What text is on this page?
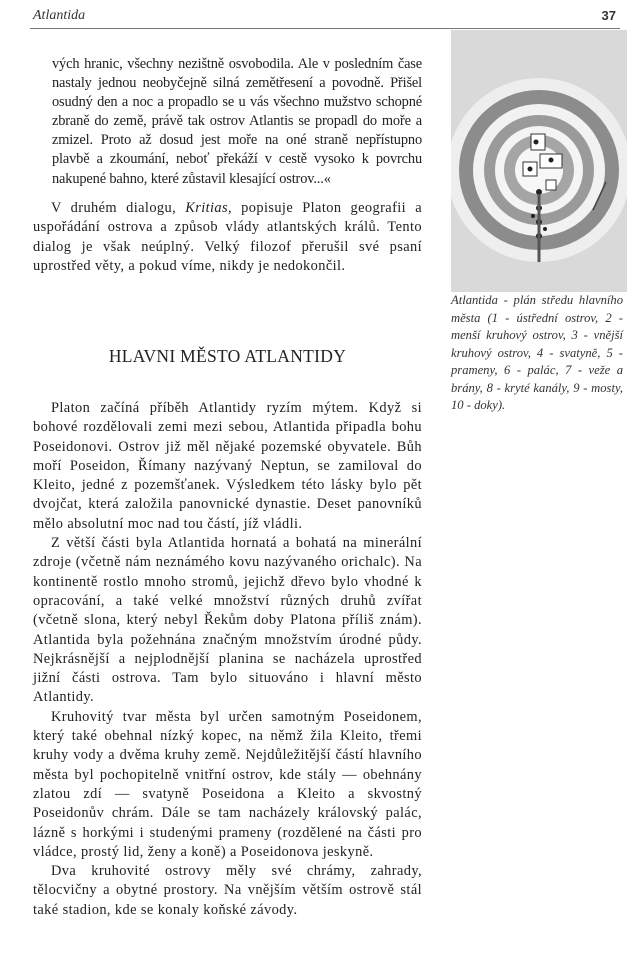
Atlantida	37

vých hranic, všechny nezištně osvobodila. Ale v posledním čase nastaly jednou neobyčejně silná zemětřesení a povodně. Přišel osudný den a noc a propadlo se u vás všechno mužstvo schopné zbraně do země, právě tak ostrov Atlantis se propadl do moře a zmizel. Proto až dosud jest moře na oné straně nepřístupno plavbě a zkoumání, neboť překáží v cestě vysoko k povrchu nakupené bahno, které zůstavil klesající ostrov...«

V druhém dialogu, Kritias, popisuje Platon geografii a uspořádání ostrova a způsob vlády atlantských králů. Tento dialog je však neúplný. Velký filozof přerušil své psaní uprostřed věty, a pokud víme, nikdy je nedokončil.

HLAVNI MĚSTO ATLANTIDY

Platon začíná příběh Atlantidy ryzím mýtem. Když si bohové rozdělovali zemi mezi sebou, Atlantida připadla bohu Poseidonovi. Ostrov již měl nějaké pozemské obyvatele. Bůh moří Poseidon, Římany nazývaný Neptun, se zamiloval do Kleito, jedné z pozemšťanek. Výsledkem této lásky bylo pět dvojčat, která založila panovnické dynastie. Deset panovníků mělo absolutní moc nad tou částí, jíž vládli.

Z větší části byla Atlantida hornatá a bohatá na minerální zdroje (včetně nám neznámého kovu nazývaného orichalc). Na kontinentě rostlo mnoho stromů, jejichž dřevo bylo vhodné k opracování, a také velké množství různých druhů zvířat (včetně slona, který nebyl Řekům doby Platona příliš znám). Atlantida byla požehnána značným množstvím úrodné půdy. Nejkrásnější a nejplodnější planina se nacházela uprostřed jižní části ostrova. Tam bylo situováno i hlavní město Atlantidy.

Kruhovitý tvar města byl určen samotným Poseidonem, který také obehnal nízký kopec, na němž žila Kleito, třemi kruhy vody a dvěma kruhy země. Nejdůležitější částí hlavního města byl pochopitelně vnitřní ostrov, kde stály — obehnány zlatou zdí — svatyně Poseidona a Kleito a skvostný Poseidonův chrám. Dále se tam nacházely královský palác, lázně s horkými i studenými prameny (rozdělené na části pro vládce, prostý lid, ženy a koně) a Poseidonova jeskyně.

Dva kruhovité ostrovy měly své chrámy, zahrady, tělocvičny a obytné prostory. Na vnějším větším ostrově stál také stadion, kde se konaly koňské závody.

Atlantida - plán středu hlavního města (1 - ústřední ostrov, 2 - menší kruhový ostrov, 3 - vnější kruhový ostrov, 4 - svatyně, 5 - prameny, 6 - palác, 7 - veže a brány, 8 - kryté kanály, 9 - mosty, 10 - doky).
